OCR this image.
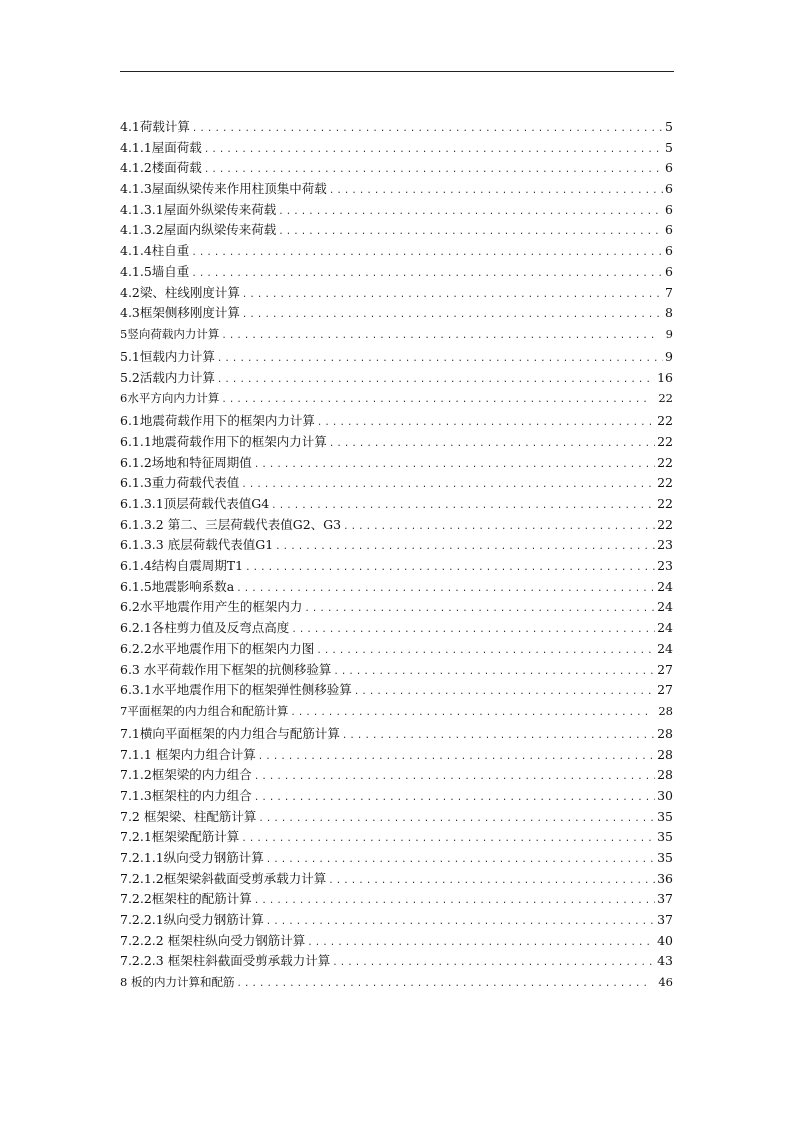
4.1荷载计算 .....	5
4.1.1屋面荷载 .....	5
4.1.2楼面荷载 .....	6
4.1.3屋面纵梁传来作用柱顶集中荷载 .....	6
4.1.3.1屋面外纵梁传来荷载 .....	6
4.1.3.2屋面内纵梁传来荷载 .....	6
4.1.4柱自重 .....	6
4.1.5墙自重 .....	6
4.2梁、柱线刚度计算 .....	7
4.3框架侧移刚度计算 .....	8
5竖向荷载内力计算 .....	9
5.1恒载内力计算 .....	9
5.2活载内力计算 .....	16
6水平方向内力计算 .....	22
6.1地震荷载作用下的框架内力计算 .....	22
6.1.1地震荷载作用下的框架内力计算 .....	22
6.1.2场地和特征周期值 .....	22
6.1.3重力荷载代表值 .....	22
6.1.3.1顶层荷载代表值G4 .....	22
6.1.3.2 第二、三层荷载代表值G2、G3 .....	22
6.1.3.3 底层荷载代表值G1 .....	23
6.1.4结构自震周期T1 .....	23
6.1.5地震影响系数a .....	24
6.2水平地震作用产生的框架内力 .....	24
6.2.1各柱剪力值及反弯点高度 .....	24
6.2.2水平地震作用下的框架内力图 .....	24
6.3 水平荷载作用下框架的抗侧移验算 .....	27
6.3.1水平地震作用下的框架弹性侧移验算 .....	27
7平面框架的内力组合和配筋计算 .....	28
7.1横向平面框架的内力组合与配筋计算 .....	28
7.1.1 框架内力组合计算 .....	28
7.1.2框架梁的内力组合 .....	28
7.1.3框架柱的内力组合 .....	30
7.2 框架梁、柱配筋计算 .....	35
7.2.1框架梁配筋计算 .....	35
7.2.1.1纵向受力钢筋计算 .....	35
7.2.1.2框架梁斜截面受剪承载力计算 .....	36
7.2.2框架柱的配筋计算 .....	37
7.2.2.1纵向受力钢筋计算 .....	37
7.2.2.2 框架柱纵向受力钢筋计算 .....	40
7.2.2.3 框架柱斜截面受剪承载力计算 .....	43
8 板的内力计算和配筋 .....	46
